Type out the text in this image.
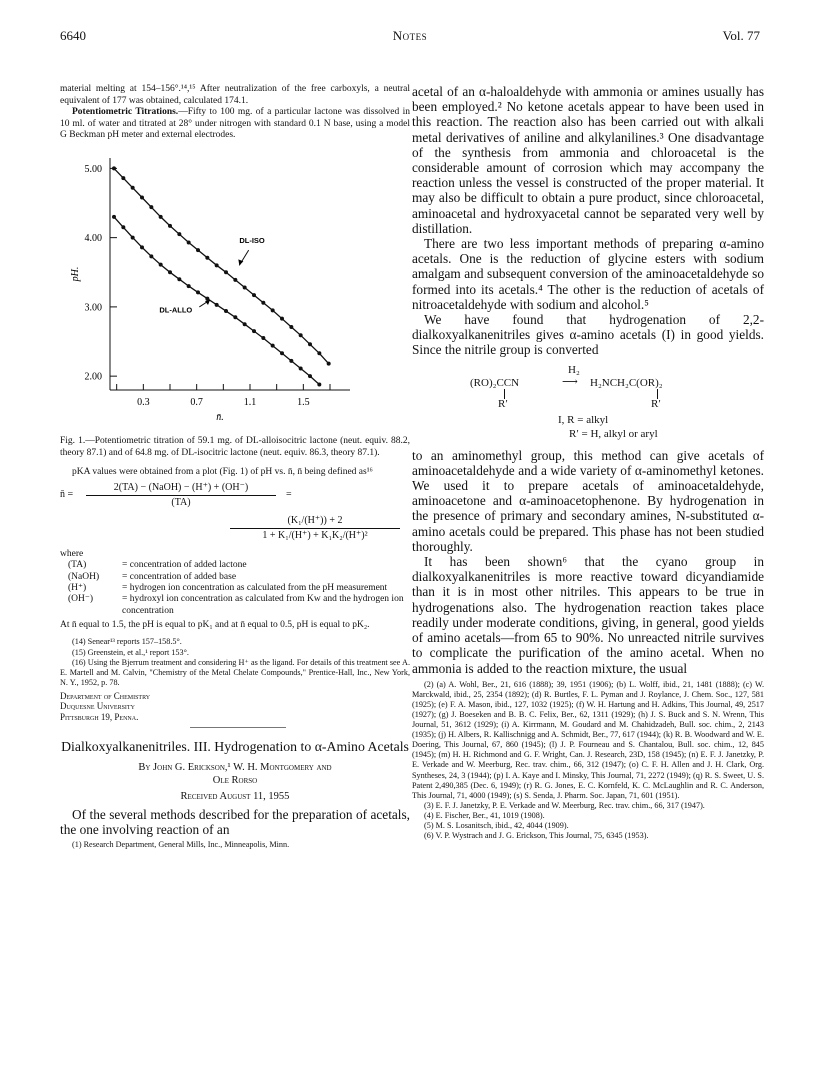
6640	Notes	Vol. 77

material melting at 154–156°.¹⁴,¹⁵ After neutralization of the free carboxyls, a neutral equivalent of 177 was obtained, calculated 174.1.

Potentiometric Titrations.—Fifty to 100 mg. of a particular lactone was dissolved in 10 ml. of water and titrated at 28° under nitrogen with standard 0.1 N base, using a model G Beckman pH meter and external electrodes.

2.00
3.00
4.00
5.00
0.3	0.7	1.1	1.5
pH.
n̄.
DL-ISO
DL-ALLO

Fig. 1.—Potentiometric titration of 59.1 mg. of DL-alloisocitric lactone (neut. equiv. 88.2, theory 87.1) and of 64.8 mg. of DL-isocitric lactone (neut. equiv. 86.3, theory 87.1).

pKA values were obtained from a plot (Fig. 1) of pH vs. n̄, n̄ being defined as¹⁶

n̄ =
2(TA) − (NaOH) − (H⁺) + (OH⁻)
(TA)
=
(K₁/(H⁺)) + 2
1 + K₁/(H⁺) + K₁K₂/(H⁺)²

where

(TA)	= concentration of added lactone
(NaOH)	= concentration of added base
(H⁺)	= hydrogen ion concentration as calculated from the pH measurement
(OH⁻)	= hydroxyl ion concentration as calculated from Kw and the hydrogen ion concentration

At n̄ equal to 1.5, the pH is equal to pK₁ and at n̄ equal to 0.5, pH is equal to pK₂.

(14) Senear¹³ reports 157–158.5°.

(15) Greenstein, et al.,¹ report 153°.

(16) Using the Bjerrum treatment and considering H⁺ as the ligand. For details of this treatment see A. E. Martell and M. Calvin, "Chemistry of the Metal Chelate Compounds," Prentice-Hall, Inc., New York, N. Y., 1952, p. 78.

Department of Chemistry
Duquesne University
Pittsburgh 19, Penna.
Dialkoxyalkanenitriles. III. Hydrogenation to α-Amino Acetals
By John G. Erickson,¹ W. H. Montgomery and
Ole Rorso
Received August 11, 1955

Of the several methods described for the preparation of acetals, the one involving reaction of an

(1) Research Department, General Mills, Inc., Minneapolis, Minn.

acetal of an α-haloaldehyde with ammonia or amines usually has been employed.² No ketone acetals appear to have been used in this reaction. The reaction also has been carried out with alkali metal derivatives of aniline and alkylanilines.³ One disadvantage of the synthesis from ammonia and chloroacetal is the considerable amount of corrosion which may accompany the reaction unless the vessel is constructed of the proper material. It may also be difficult to obtain a pure product, since chloroacetal, aminoacetal and hydroxyacetal cannot be separated very well by distillation.

There are two less important methods of preparing α-amino acetals. One is the reduction of glycine esters with sodium amalgam and subsequent conversion of the aminoacetaldehyde so formed into its acetals.⁴ The other is the reduction of acetals of nitroacetaldehyde with sodium and alcohol.⁵

We have found that hydrogenation of 2,2-dialkoxyalkanenitriles gives α-amino acetals (I) in good yields. Since the nitrile group is converted

H₂
(RO)₂CCN	⟶ H₂NCH₂C(OR)₂
R′	R′
I, R = alkyl
R′ = H, alkyl or aryl

to an aminomethyl group, this method can give acetals of aminoacetaldehyde and a wide variety of α-aminomethyl ketones. We used it to prepare acetals of aminoacetaldehyde, aminoacetone and α-aminoacetophenone. By hydrogenation in the presence of primary and secondary amines, N-substituted α-amino acetals could be prepared. This phase has not been studied thoroughly.

It has been shown⁶ that the cyano group in dialkoxyalkanenitriles is more reactive toward dicyandiamide than it is in most other nitriles. This appears to be true in hydrogenations also. The hydrogenation reaction takes place readily under moderate conditions, giving, in general, good yields of amino acetals—from 65 to 90%. No unreacted nitrile survives to complicate the purification of the amino acetal. When no ammonia is added to the reaction mixture, the usual

(2) (a) A. Wohl, Ber., 21, 616 (1888); 39, 1951 (1906); (b) L. Wolff, ibid., 21, 1481 (1888); (c) W. Marckwald, ibid., 25, 2354 (1892); (d) R. Burtles, F. L. Pyman and J. Roylance, J. Chem. Soc., 127, 581 (1925); (e) F. A. Mason, ibid., 127, 1032 (1925); (f) W. H. Hartung and H. Adkins, This Journal, 49, 2517 (1927); (g) J. Boeseken and B. B. C. Felix, Ber., 62, 1311 (1929); (h) J. S. Buck and S. N. Wrenn, This Journal, 51, 3612 (1929); (i) A. Kirrmann, M. Goudard and M. Chahidzadeh, Bull. soc. chim., 2, 2143 (1935); (j) H. Albers, R. Kallischnigg and A. Schmidt, Ber., 77, 617 (1944); (k) R. B. Woodward and W. E. Doering, This Journal, 67, 860 (1945); (l) J. P. Fourneau and S. Chantalou, Bull. soc. chim., 12, 845 (1945); (m) H. H. Richmond and G. F. Wright, Can. J. Research, 23D, 158 (1945); (n) E. F. J. Janetzky, P. E. Verkade and W. Meerburg, Rec. trav. chim., 66, 312 (1947); (o) C. F. H. Allen and J. H. Clark, Org. Syntheses, 24, 3 (1944); (p) I. A. Kaye and I. Minsky, This Journal, 71, 2272 (1949); (q) R. S. Sweet, U. S. Patent 2,490,385 (Dec. 6, 1949); (r) R. G. Jones, E. C. Kornfeld, K. C. McLaughlin and R. C. Anderson, This Journal, 71, 4000 (1949); (s) S. Senda, J. Pharm. Soc. Japan, 71, 601 (1951).

(3) E. F. J. Janetzky, P. E. Verkade and W. Meerburg, Rec. trav. chim., 66, 317 (1947).

(4) E. Fischer, Ber., 41, 1019 (1908).

(5) M. S. Losanitsch, ibid., 42, 4044 (1909).

(6) V. P. Wystrach and J. G. Erickson, This Journal, 75, 6345 (1953).
